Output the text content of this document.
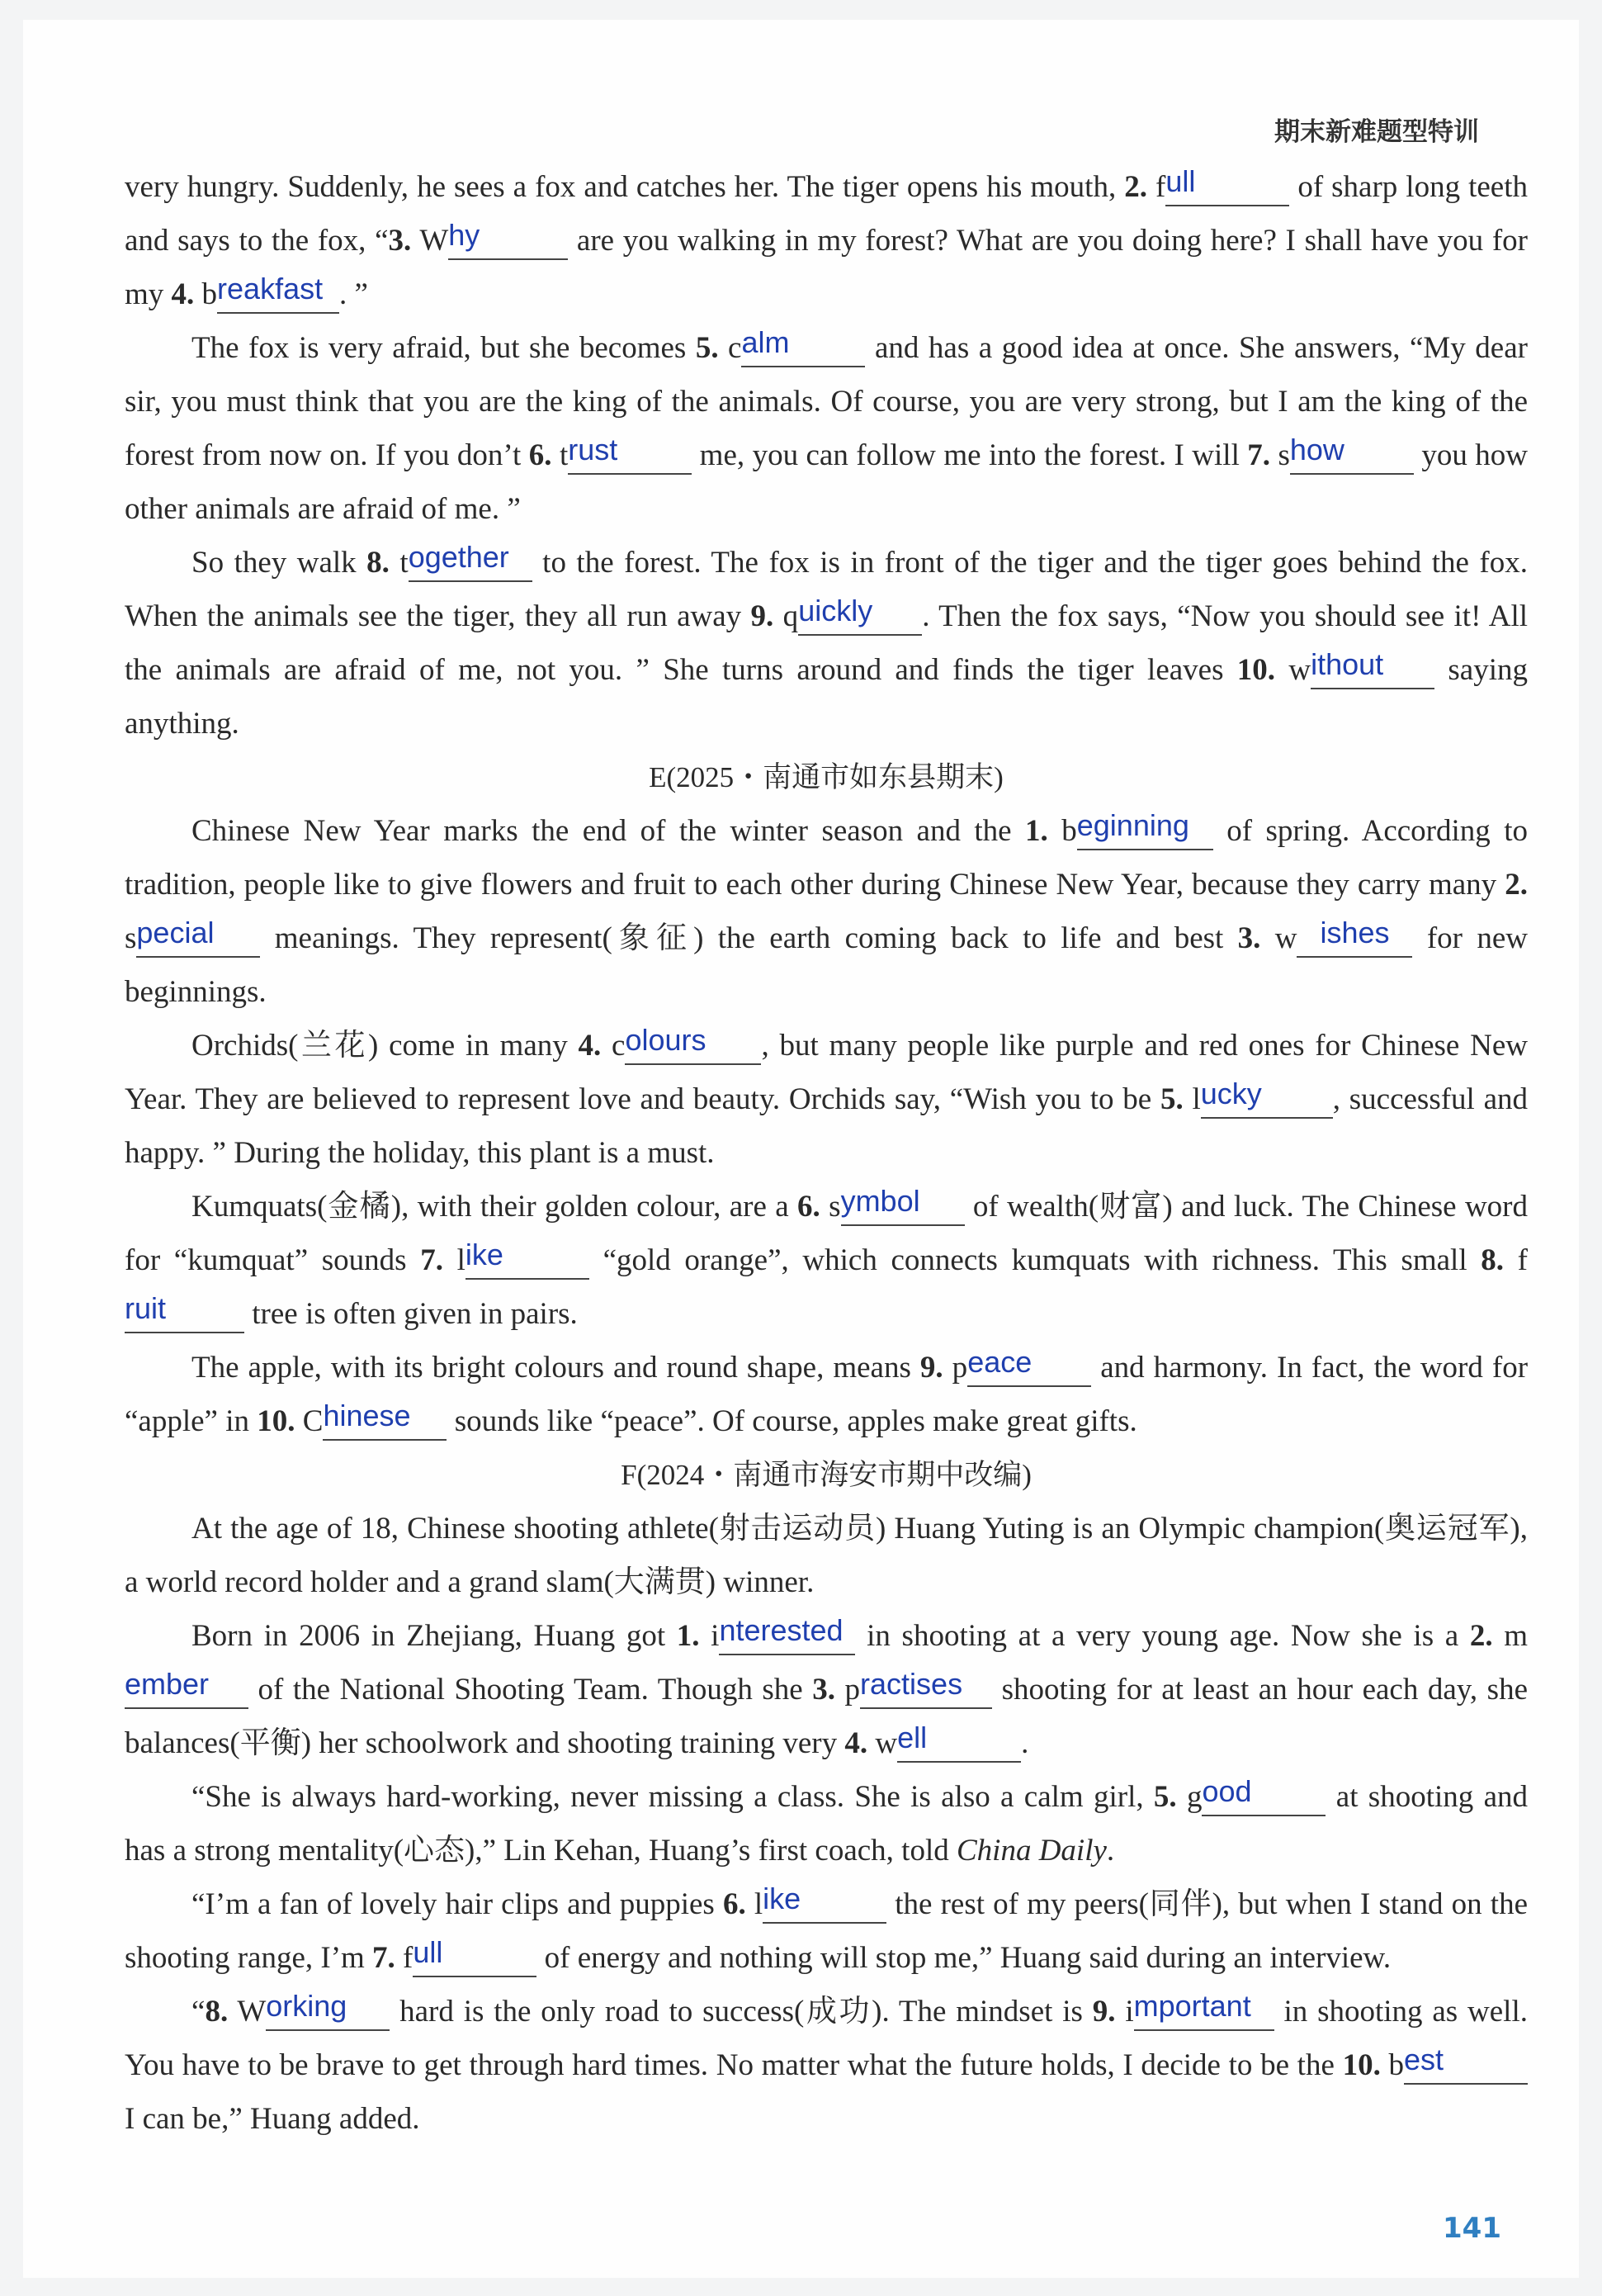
期末新难题型特训

very hungry. Suddenly, he sees a fox and catches her. The tiger opens his mouth, 2. full	of sharp long teeth and says to the fox, “3. Why	are you walking in my forest? What are you doing here? I shall have you for my 4. breakfast . ”

The fox is very afraid, but she becomes 5. calm and has a good idea at once. She answers, “My dear sir, you must think that you are the king of the animals. Of course, you are very strong, but I am the king of the forest from now on. If you don’t 6. trust me, you can follow me into the forest. I will 7. show you how other animals are afraid of me. ”

So they walk 8. together to the forest. The fox is in front of the tiger and the tiger goes behind the fox. When the animals see the tiger, they all run away 9. quickly . Then the fox says, “Now you should see it! All the animals are afraid of me, not you. ” She turns around and finds the tiger leaves 10. without saying anything.

E(2025・南通市如东县期末)

Chinese New Year marks the end of the winter season and the 1. beginning of spring. According to tradition, people like to give flowers and fruit to each other during Chinese New Year, because they carry many 2. special meanings. They represent(象征) the earth coming back to life and best 3. w ishes for new beginnings.

Orchids(兰花) come in many 4. colours , but many people like purple and red ones for Chinese New Year. They are believed to represent love and beauty. Orchids say, “Wish you to be 5. lucky , successful and happy. ” During the holiday, this plant is a must.

Kumquats(金橘), with their golden colour, are a 6. symbol of wealth(财富) and luck. The Chinese word for “kumquat” sounds 7. like	“gold orange”, which connects kumquats with richness. This small 8. fruit	tree is often given in pairs.

The apple, with its bright colours and round shape, means 9. peace and harmony. In fact, the word for “apple” in 10. Chinese sounds like “peace”. Of course, apples make great gifts.

F(2024・南通市海安市期中改编)

At the age of 18, Chinese shooting athlete(射击运动员) Huang Yuting is an Olympic champion(奥运冠军), a world record holder and a grand slam(大满贯) winner.

Born in 2006 in Zhejiang, Huang got 1. interested in shooting at a very young age. Now she is a 2. member of the National Shooting Team. Though she 3. practises shooting for at least an hour each day, she balances(平衡) her schoolwork and shooting training very 4. well	.

“She is always hard-working, never missing a class. She is also a calm girl, 5. good at shooting and has a strong mentality(心态),” Lin Kehan, Huang’s first coach, told China Daily.

“I’m a fan of lovely hair clips and puppies 6. like	the rest of my peers(同伴), but when I stand on the shooting range, I’m 7. full	of energy and nothing will stop me,” Huang said during an interview.

“8. Working hard is the only road to success(成功). The mindset is 9. important in shooting as well. You have to be brave to get through hard times. No matter what the future holds, I decide to be the 10. best I can be,” Huang added.

141
